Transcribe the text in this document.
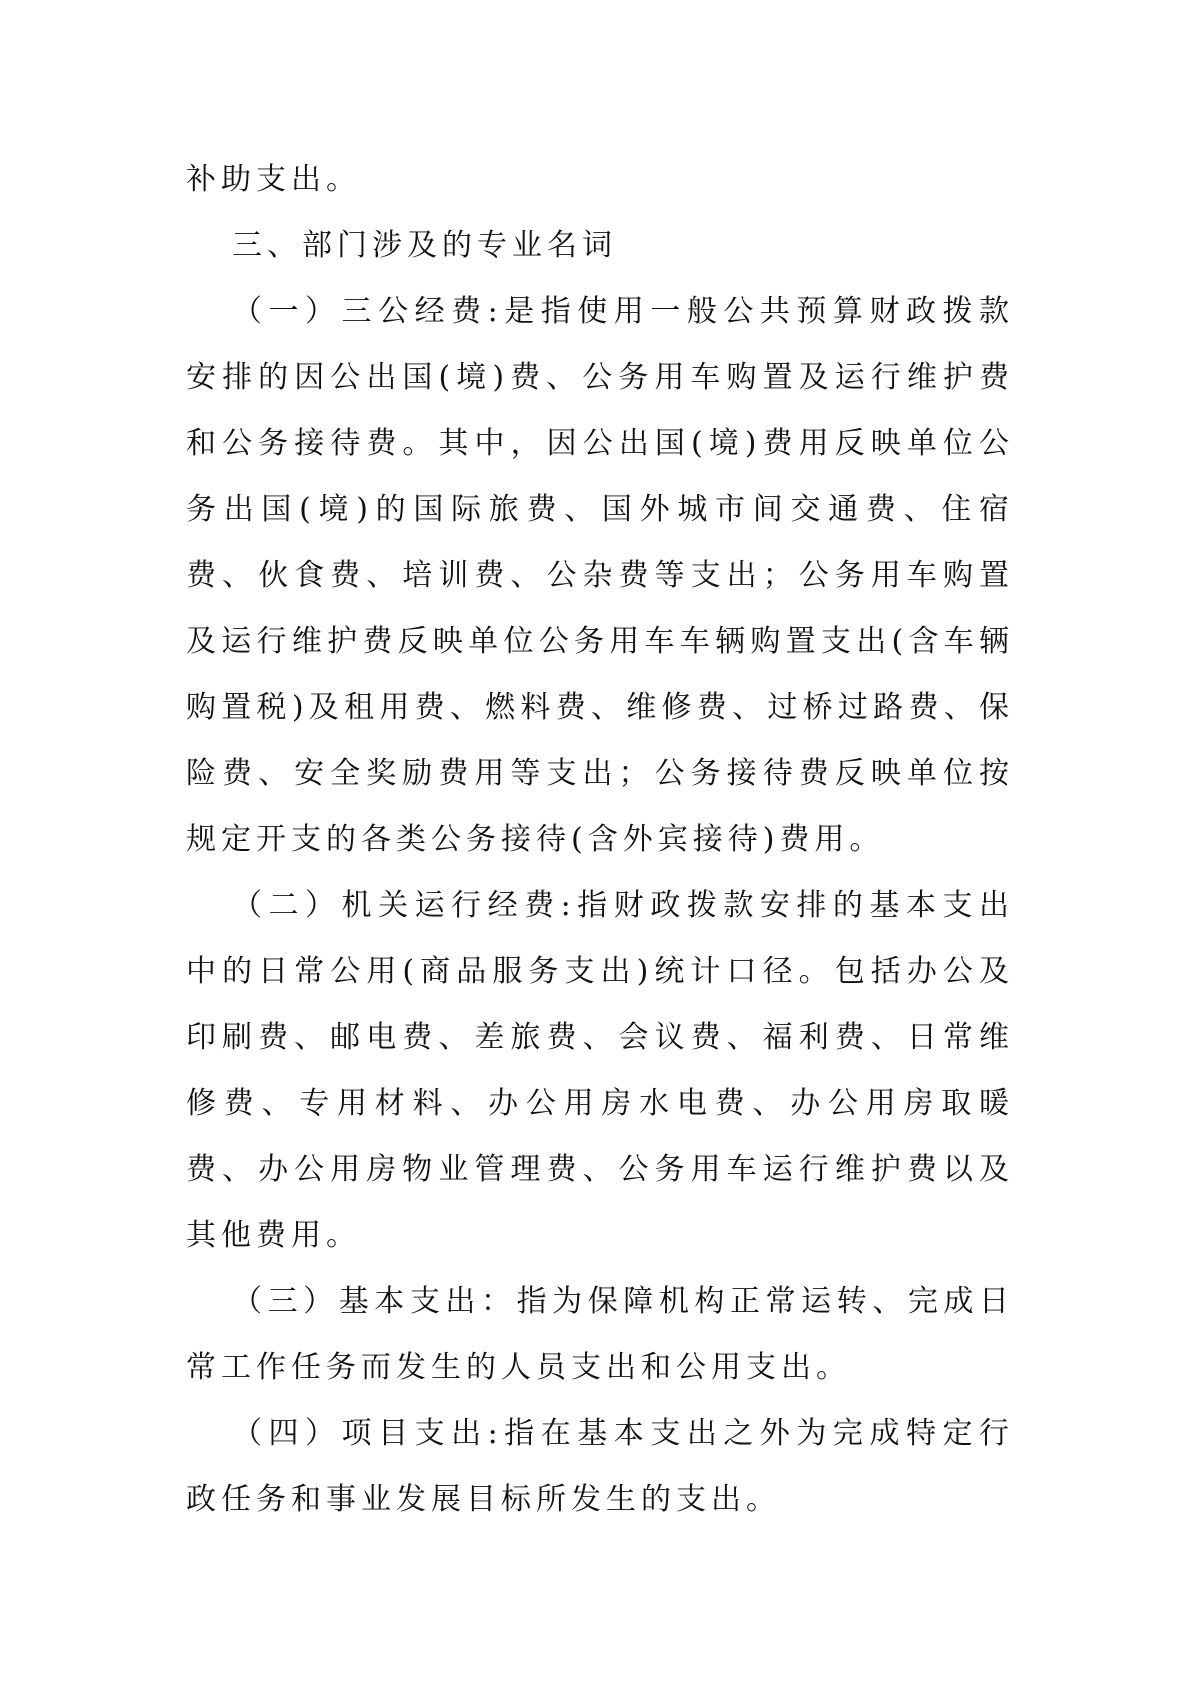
补助支出。

三、部门涉及的专业名词

（一）三公经费:是指使用一般公共预算财政拨款安排的因公出国(境)费、公务用车购置及运行维护费和公务接待费。其中，因公出国(境)费用反映单位公务出国(境)的国际旅费、国外城市间交通费、住宿费、伙食费、培训费、公杂费等支出；公务用车购置及运行维护费反映单位公务用车车辆购置支出(含车辆购置税)及租用费、燃料费、维修费、过桥过路费、保险费、安全奖励费用等支出；公务接待费反映单位按规定开支的各类公务接待(含外宾接待)费用。

（二）机关运行经费:指财政拨款安排的基本支出中的日常公用(商品服务支出)统计口径。包括办公及印刷费、邮电费、差旅费、会议费、福利费、日常维修费、专用材料、办公用房水电费、办公用房取暖费、办公用房物业管理费、公务用车运行维护费以及其他费用。

（三）基本支出：指为保障机构正常运转、完成日常工作任务而发生的人员支出和公用支出。

（四）项目支出:指在基本支出之外为完成特定行政任务和事业发展目标所发生的支出。
